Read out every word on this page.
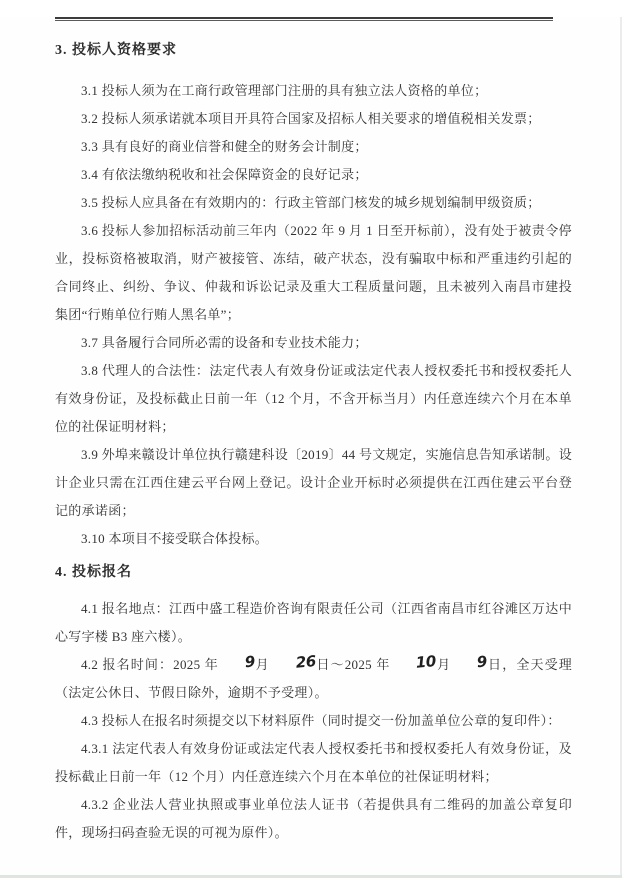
3. 投标人资格要求

3.1 投标人须为在工商行政管理部门注册的具有独立法人资格的单位；

3.2 投标人须承诺就本项目开具符合国家及招标人相关要求的增值税相关发票；

3.3 具有良好的商业信誉和健全的财务会计制度；

3.4 有依法缴纳税收和社会保障资金的良好记录；

3.5 投标人应具备在有效期内的：行政主管部门核发的城乡规划编制甲级资质；

3.6 投标人参加招标活动前三年内（2022 年 9 月 1 日至开标前），没有处于被责令停业，投标资格被取消，财产被接管、冻结，破产状态，没有骗取中标和严重违约引起的合同终止、纠纷、争议、仲裁和诉讼记录及重大工程质量问题，且未被列入南昌市建投集团“行贿单位行贿人黑名单”；

3.7 具备履行合同所必需的设备和专业技术能力；

3.8 代理人的合法性：法定代表人有效身份证或法定代表人授权委托书和授权委托人有效身份证，及投标截止日前一年（12 个月，不含开标当月）内任意连续六个月在本单位的社保证明材料；

3.9 外埠来赣设计单位执行赣建科设〔2019〕44 号文规定，实施信息告知承诺制。设计企业只需在江西住建云平台网上登记。设计企业开标时必须提供在江西住建云平台登记的承诺函；

3.10 本项目不接受联合体投标。

4. 投标报名

4.1 报名地点：江西中盛工程造价咨询有限责任公司（江西省南昌市红谷滩区万达中心写字楼 B3 座六楼）。

4.2 报名时间：2025 年 9月 26日～2025 年 10月 9日，全天受理（法定公休日、节假日除外，逾期不予受理）。

4.3 投标人在报名时须提交以下材料原件（同时提交一份加盖单位公章的复印件）：

4.3.1 法定代表人有效身份证或法定代表人授权委托书和授权委托人有效身份证，及投标截止日前一年（12 个月）内任意连续六个月在本单位的社保证明材料；

4.3.2 企业法人营业执照或事业单位法人证书（若提供具有二维码的加盖公章复印件，现场扫码查验无误的可视为原件）。
